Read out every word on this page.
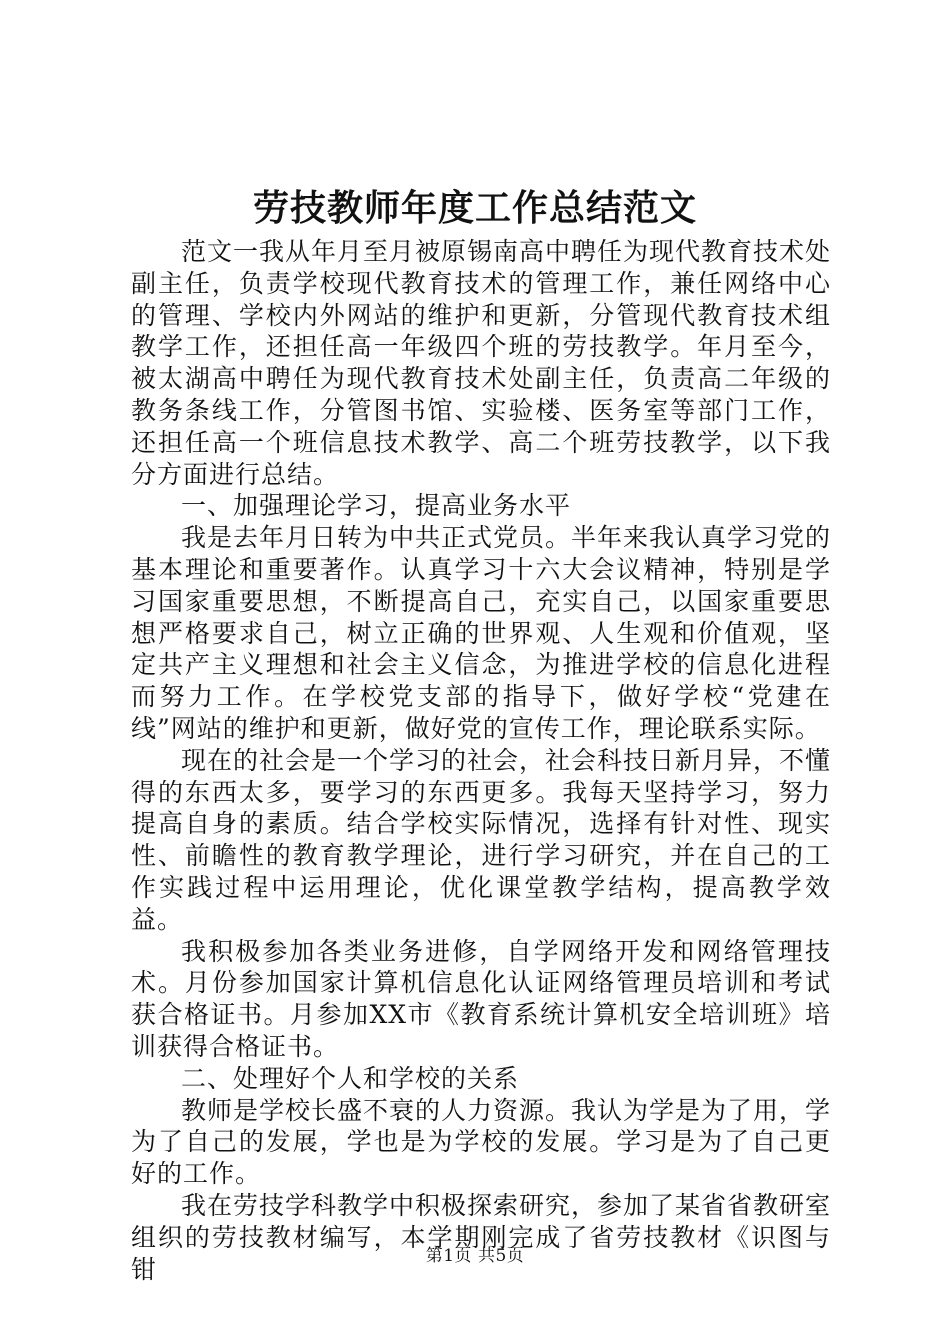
劳技教师年度工作总结范文

范文一我从年月至月被原锡南高中聘任为现代教育技术处副主任，负责学校现代教育技术的管理工作，兼任网络中心的管理、学校内外网站的维护和更新，分管现代教育技术组教学工作，还担任高一年级四个班的劳技教学。年月至今，被太湖高中聘任为现代教育技术处副主任，负责高二年级的教务条线工作，分管图书馆、实验楼、医务室等部门工作，还担任高一个班信息技术教学、高二个班劳技教学，以下我分方面进行总结。

一、加强理论学习，提高业务水平

我是去年月日转为中共正式党员。半年来我认真学习党的基本理论和重要著作。认真学习十六大会议精神，特别是学习国家重要思想，不断提高自己，充实自己，以国家重要思想严格要求自己，树立正确的世界观、人生观和价值观，坚定共产主义理想和社会主义信念，为推进学校的信息化进程而努力工作。在学校党支部的指导下，做好学校“党建在线”网站的维护和更新，做好党的宣传工作，理论联系实际。

现在的社会是一个学习的社会，社会科技日新月异，不懂得的东西太多，要学习的东西更多。我每天坚持学习，努力提高自身的素质。结合学校实际情况，选择有针对性、现实性、前瞻性的教育教学理论，进行学习研究，并在自己的工作实践过程中运用理论，优化课堂教学结构，提高教学效益。

我积极参加各类业务进修，自学网络开发和网络管理技术。月份参加国家计算机信息化认证网络管理员培训和考试获合格证书。月参加XX市《教育系统计算机安全培训班》培训获得合格证书。

二、处理好个人和学校的关系

教师是学校长盛不衰的人力资源。我认为学是为了用，学为了自己的发展，学也是为学校的发展。学习是为了自己更好的工作。

我在劳技学科教学中积极探索研究，参加了某省省教研室组织的劳技教材编写，本学期刚完成了省劳技教材《识图与钳	第1页 共5页
